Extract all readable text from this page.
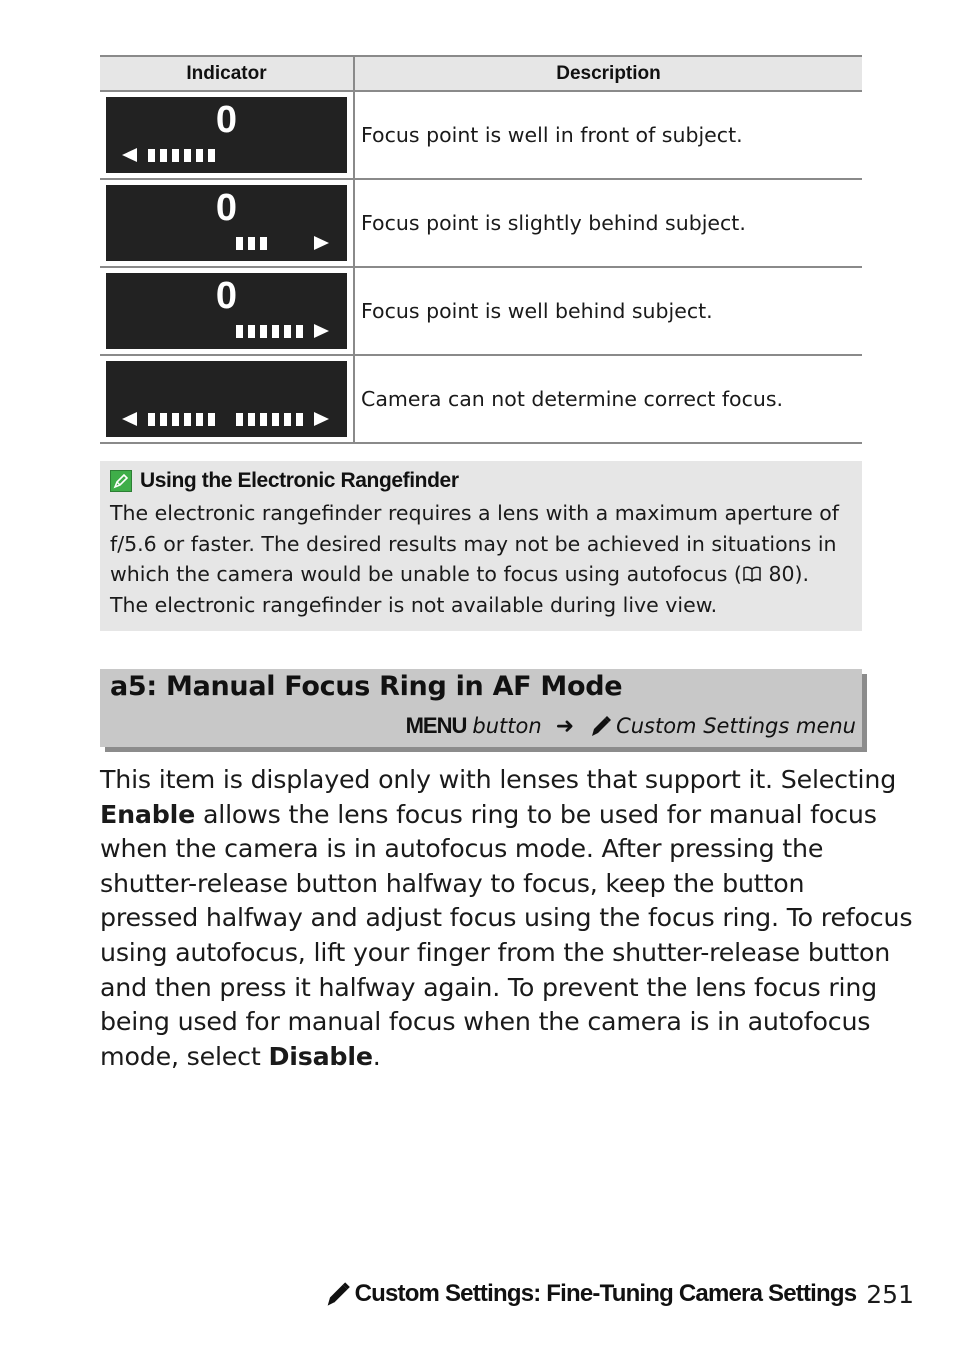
Indicator	Description

0	Focus point is well in front of subject.

0	Focus point is slightly behind subject.

0	Focus point is well behind subject.

	Camera can not determine correct focus.
Using the Electronic Rangefinder

The electronic rangefinder requires a lens with a maximum aperture of

f/5.6 or faster. The desired results may not be achieved in situations in

which the camera would be unable to focus using autofocus ( 80).

The electronic rangefinder is not available during live view.

a5: Manual Focus Ring in AF Mode
MENU button ➜ Custom Settings menu

This item is displayed only with lenses that support it. Selecting

Enable allows the lens focus ring to be used for manual focus

when the camera is in autofocus mode. After pressing the

shutter-release button halfway to focus, keep the button

pressed halfway and adjust focus using the focus ring. To refocus

using autofocus, lift your finger from the shutter-release button

and then press it halfway again. To prevent the lens focus ring

being used for manual focus when the camera is in autofocus

mode, select Disable.

Custom Settings: Fine-Tuning Camera Settings 251
